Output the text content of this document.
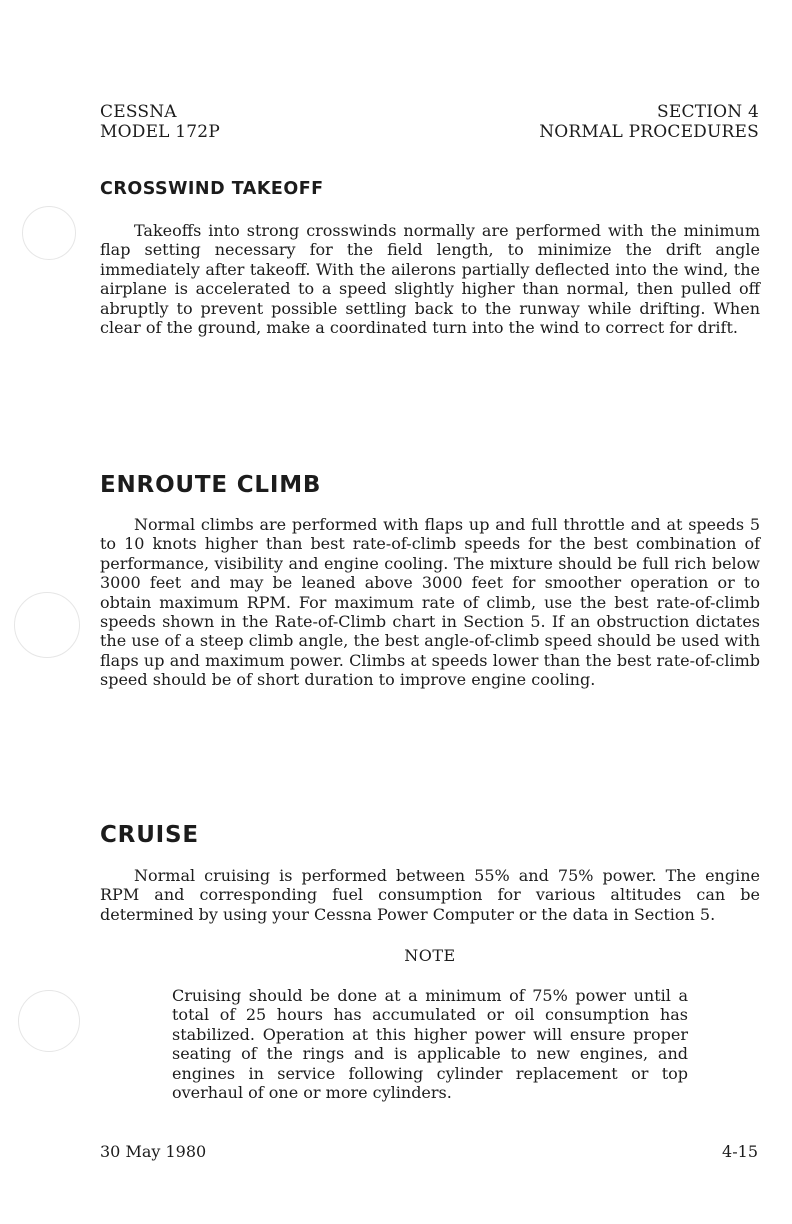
CESSNA
MODEL 172P
SECTION 4
NORMAL PROCEDURES
CROSSWIND TAKEOFF

Takeoffs into strong crosswinds normally are performed with the minimum flap setting necessary for the field length, to minimize the drift angle immediately after takeoff. With the ailerons partially deflected into the wind, the airplane is accelerated to a speed slightly higher than normal, then pulled off abruptly to prevent possible settling back to the runway while drifting. When clear of the ground, make a coordinated turn into the wind to correct for drift.

ENROUTE CLIMB

Normal climbs are performed with flaps up and full throttle and at speeds 5 to 10 knots higher than best rate-of-climb speeds for the best combination of performance, visibility and engine cooling. The mixture should be full rich below 3000 feet and may be leaned above 3000 feet for smoother operation or to obtain maximum RPM. For maximum rate of climb, use the best rate-of-climb speeds shown in the Rate-of-Climb chart in Section 5. If an obstruction dictates the use of a steep climb angle, the best angle-of-climb speed should be used with flaps up and maximum power. Climbs at speeds lower than the best rate-of-climb speed should be of short duration to improve engine cooling.

CRUISE

Normal cruising is performed between 55% and 75% power. The engine RPM and corresponding fuel consumption for various altitudes can be determined by using your Cessna Power Computer or the data in Section 5.

NOTE

Cruising should be done at a minimum of 75% power until a total of 25 hours has accumulated or oil consumption has stabilized. Operation at this higher power will ensure proper seating of the rings and is applicable to new engines, and engines in service following cylinder replacement or top overhaul of one or more cylinders.

30 May 1980	4-15
